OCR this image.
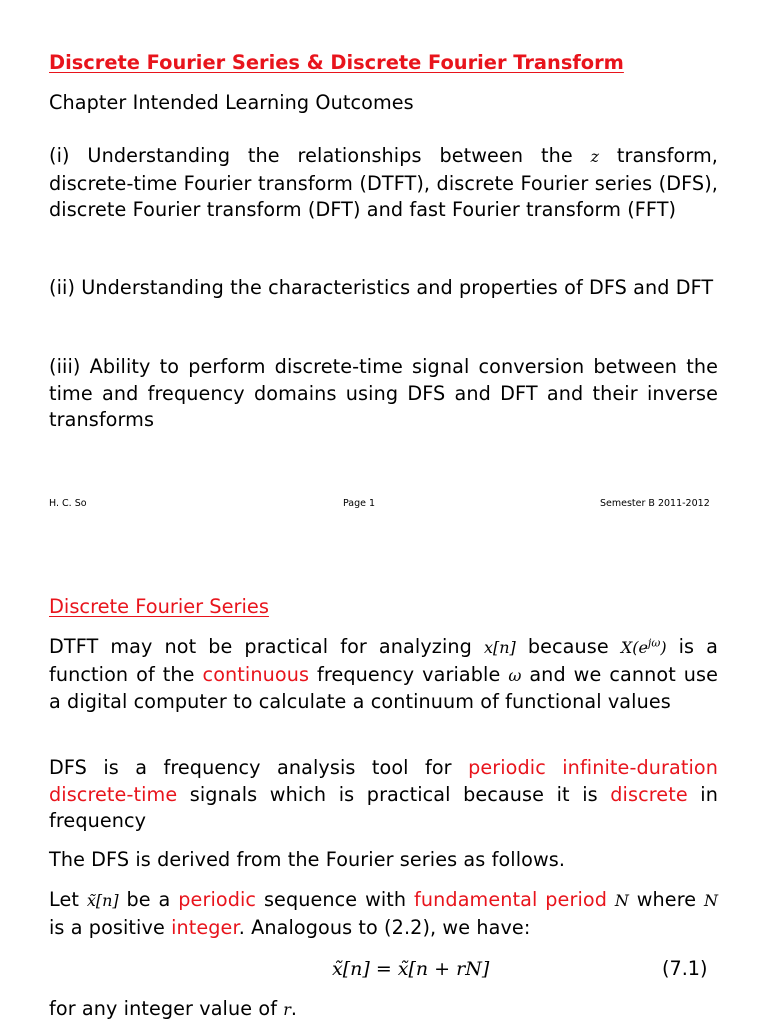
Discrete Fourier Series & Discrete Fourier Transform
Chapter Intended Learning Outcomes
(i) Understanding the relationships between the z transform, discrete-time Fourier transform (DTFT), discrete Fourier series (DFS), discrete Fourier transform (DFT) and fast Fourier transform (FFT)
(ii) Understanding the characteristics and properties of DFS and DFT
(iii) Ability to perform discrete-time signal conversion between the time and frequency domains using DFS and DFT and their inverse transforms
H. C. So	Page 1	Semester B 2011-2012
Discrete Fourier Series
DTFT may not be practical for analyzing x[n] because $X(e^{j\omega})$ is a function of the continuous frequency variable ω and we cannot use a digital computer to calculate a continuum of functional values
DFS is a frequency analysis tool for periodic infinite-duration discrete-time signals which is practical because it is discrete in frequency
The DFS is derived from the Fourier series as follows.
Let x̃[n] be a periodic sequence with fundamental period N where N is a positive integer. Analogous to (2.2), we have:
x̃[n] = x̃[n + rN]	(7.1)
for any integer value of r.
